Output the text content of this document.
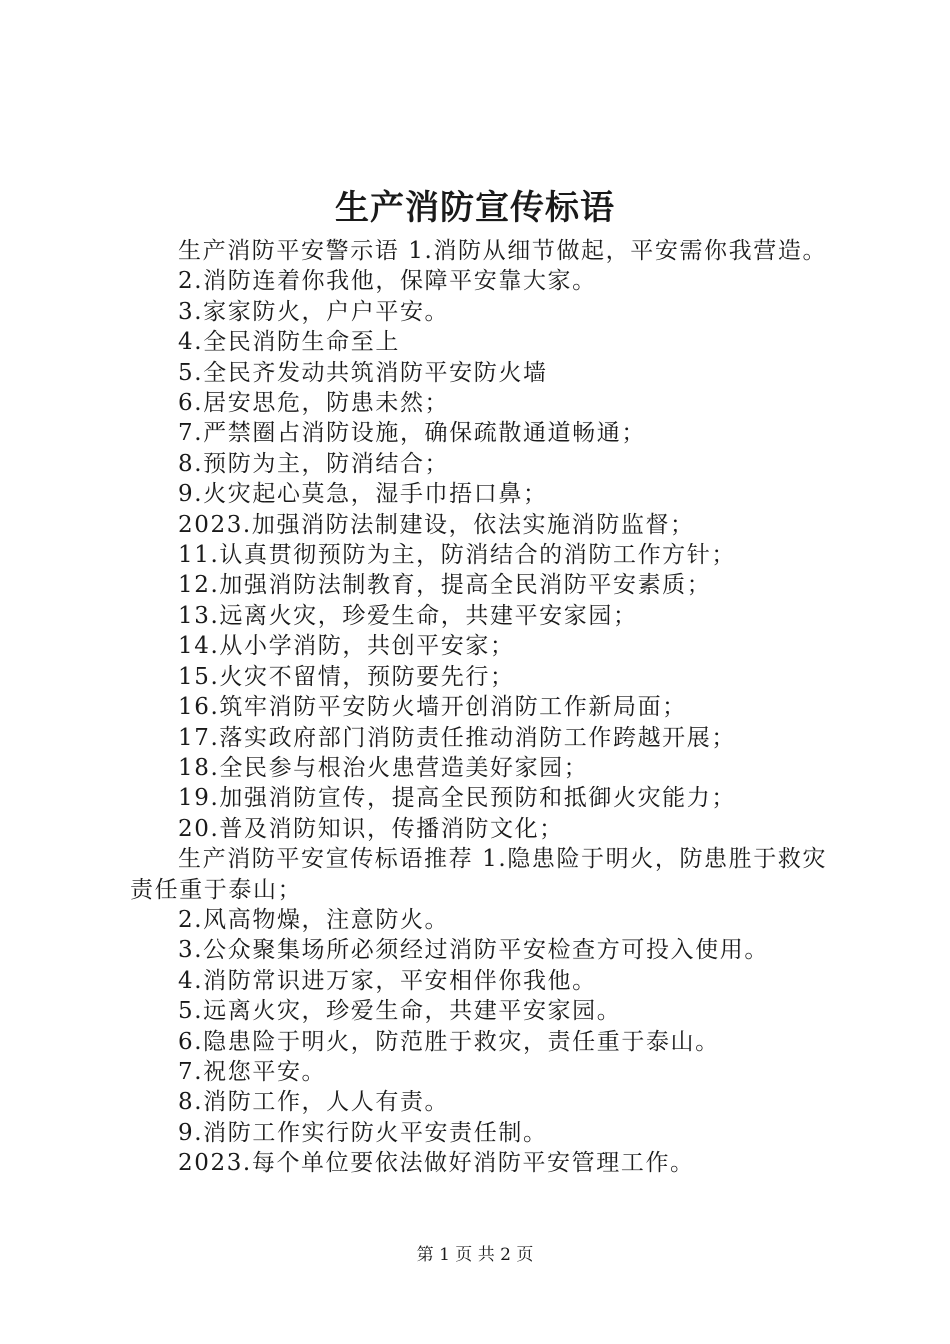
生产消防宣传标语

生产消防平安警示语 1.消防从细节做起，平安需你我营造。

2.消防连着你我他，保障平安靠大家。

3.家家防火，户户平安。

4.全民消防生命至上

5.全民齐发动共筑消防平安防火墙

6.居安思危，防患未然；

7.严禁圈占消防设施，确保疏散通道畅通；

8.预防为主，防消结合；

9.火灾起心莫急，湿手巾捂口鼻；

2023.加强消防法制建设，依法实施消防监督；

11.认真贯彻预防为主，防消结合的消防工作方针；

12.加强消防法制教育，提高全民消防平安素质；

13.远离火灾，珍爱生命，共建平安家园；

14.从小学消防，共创平安家；

15.火灾不留情，预防要先行；

16.筑牢消防平安防火墙开创消防工作新局面；

17.落实政府部门消防责任推动消防工作跨越开展；

18.全民参与根治火患营造美好家园；

19.加强消防宣传，提高全民预防和抵御火灾能力；

20.普及消防知识，传播消防文化；

生产消防平安宣传标语推荐 1.隐患险于明火，防患胜于救灾责任重于泰山；

2.风高物燥，注意防火。

3.公众聚集场所必须经过消防平安检查方可投入使用。

4.消防常识进万家，平安相伴你我他。

5.远离火灾，珍爱生命，共建平安家园。

6.隐患险于明火，防范胜于救灾，责任重于泰山。

7.祝您平安。

8.消防工作，人人有责。

9.消防工作实行防火平安责任制。

2023.每个单位要依法做好消防平安管理工作。

第 1 页 共 2 页
